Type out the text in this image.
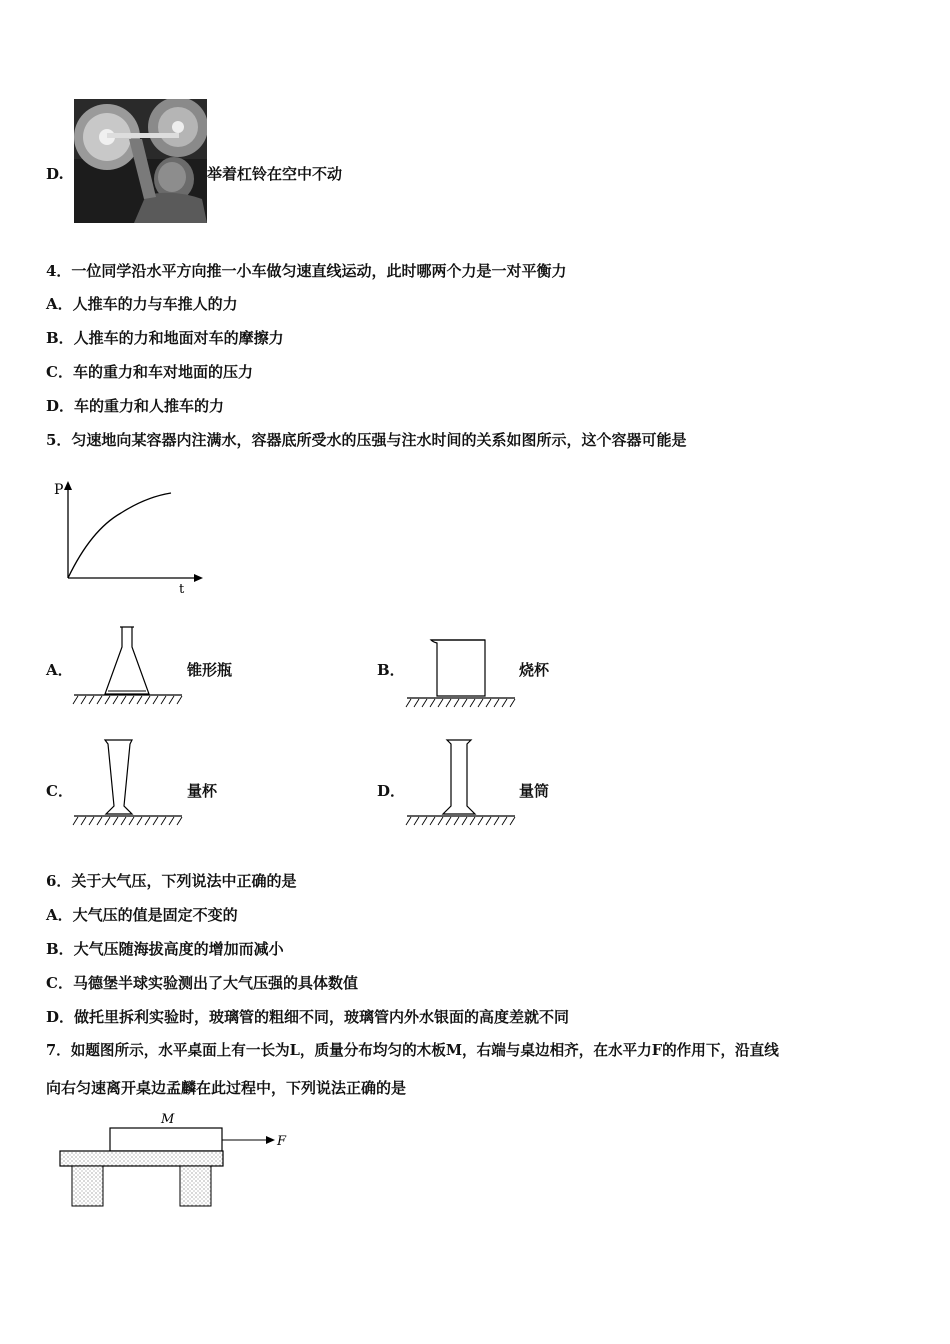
D.	举着杠铃在空中不动
4．一位同学沿水平方向推一小车做匀速直线运动，此时哪两个力是一对平衡力
A．人推车的力与车推人的力
B．人推车的力和地面对车的摩擦力
C．车的重力和车对地面的压力
D．车的重力和人推车的力
5．匀速地向某容器内注满水，容器底所受水的压强与注水时间的关系如图所示，这个容器可能是
P
t
A．	锥形瓶	B．	烧杯
C．	量杯	D．	量筒
6．关于大气压，下列说法中正确的是
A．大气压的值是固定不变的
B．大气压随海拔高度的增加而减小
C．马德堡半球实验测出了大气压强的具体数值
D．做托里拆利实验时，玻璃管的粗细不同，玻璃管内外水银面的高度差就不同
7．如题图所示，水平桌面上有一长为L，质量分布均匀的木板M，右端与桌边相齐，在水平力F的作用下，沿直线
向右匀速离开桌边孟麟在此过程中，下列说法正确的是
M
F
